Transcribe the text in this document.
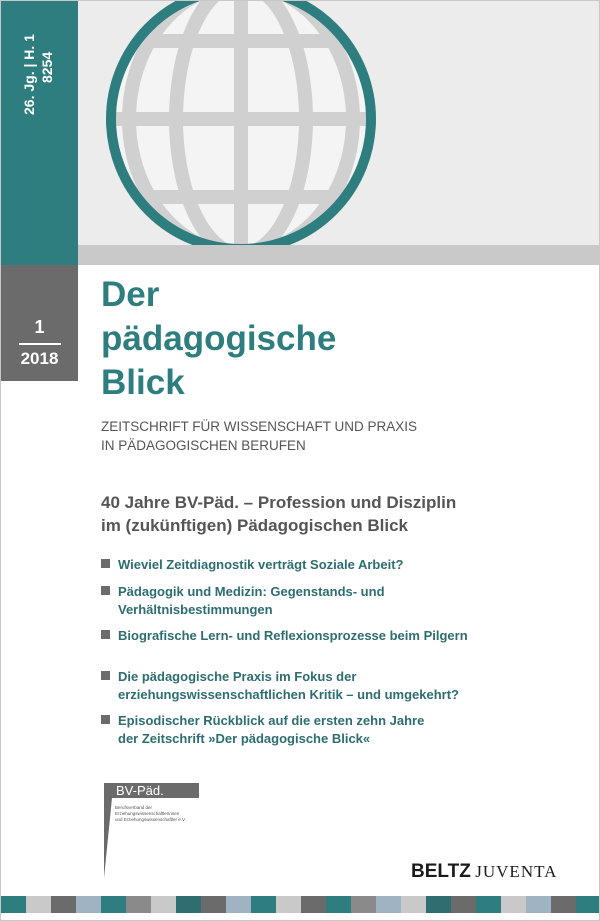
26. Jg. | H. 1 8254
1
2018
Der
pädagogische
Blick
ZEITSCHRIFT FÜR WISSENSCHAFT UND PRAXIS
IN PÄDAGOGISCHEN BERUFEN
40 Jahre BV-Päd. – Profession und Disziplin
im (zukünftigen) Pädagogischen Blick
Wieviel Zeitdiagnostik verträgt Soziale Arbeit?
Pädagogik und Medizin: Gegenstands- und
Verhältnisbestimmungen
Biografische Lern- und Reflexionsprozesse beim Pilgern
Die pädagogische Praxis im Fokus der
erziehungswissenschaftlichen Kritik – und umgekehrt?
Episodischer Rückblick auf die ersten zehn Jahre
der Zeitschrift »Der pädagogische Blick«
BV-Päd.
Berufsverband der
Erziehungswissenschaftlerinnen
und Erziehungswissenschaftler e.V.
BELTZ JUVENTA
